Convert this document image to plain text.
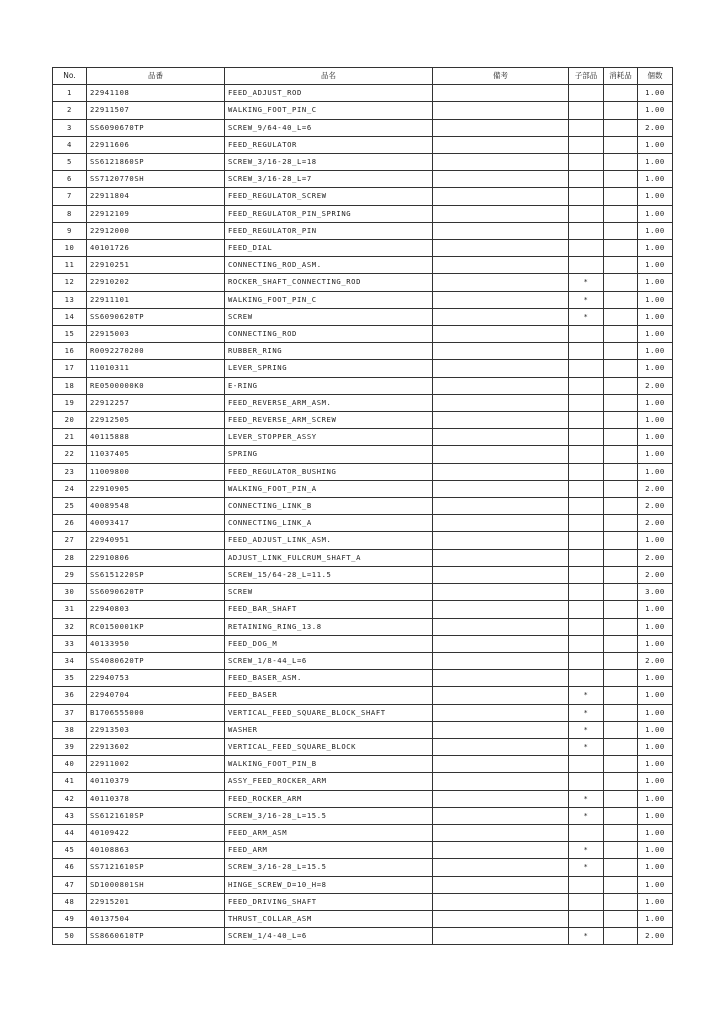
No.	品番	品名	備考	子部品	消耗品	個数
1	22941108	FEED_ADJUST_ROD				1.00
2	22911507	WALKING_FOOT_PIN_C				1.00
3	SS6090670TP	SCREW_9/64-40_L=6				2.00
4	22911606	FEED_REGULATOR				1.00
5	SS6121860SP	SCREW_3/16-28_L=18				1.00
6	SS7120770SH	SCREW_3/16-28_L=7				1.00
7	22911804	FEED_REGULATOR_SCREW				1.00
8	22912109	FEED_REGULATOR_PIN_SPRING				1.00
9	22912000	FEED_REGULATOR_PIN				1.00
10	40101726	FEED_DIAL				1.00
11	22910251	CONNECTING_ROD_ASM.				1.00
12	22910202	ROCKER_SHAFT_CONNECTING_ROD		*		1.00
13	22911101	WALKING_FOOT_PIN_C		*		1.00
14	SS6090620TP	SCREW		*		1.00
15	22915003	CONNECTING_ROD				1.00
16	R0092270200	RUBBER_RING				1.00
17	11010311	LEVER_SPRING				1.00
18	RE0500000K0	E-RING				2.00
19	22912257	FEED_REVERSE_ARM_ASM.				1.00
20	22912505	FEED_REVERSE_ARM_SCREW				1.00
21	40115888	LEVER_STOPPER_ASSY				1.00
22	11037405	SPRING				1.00
23	11009800	FEED_REGULATOR_BUSHING				1.00
24	22910905	WALKING_FOOT_PIN_A				2.00
25	40089548	CONNECTING_LINK_B				2.00
26	40093417	CONNECTING_LINK_A				2.00
27	22940951	FEED_ADJUST_LINK_ASM.				1.00
28	22910806	ADJUST_LINK_FULCRUM_SHAFT_A				2.00
29	SS6151220SP	SCREW_15/64-28_L=11.5				2.00
30	SS6090620TP	SCREW				3.00
31	22940803	FEED_BAR_SHAFT				1.00
32	RC0150001KP	RETAINING_RING_13.8				1.00
33	40133950	FEED_DOG_M				1.00
34	SS4080620TP	SCREW_1/8-44_L=6				2.00
35	22940753	FEED_BASER_ASM.				1.00
36	22940704	FEED_BASER		*		1.00
37	B1706555000	VERTICAL_FEED_SQUARE_BLOCK_SHAFT		*		1.00
38	22913503	WASHER		*		1.00
39	22913602	VERTICAL_FEED_SQUARE_BLOCK		*		1.00
40	22911002	WALKING_FOOT_PIN_B				1.00
41	40110379	ASSY_FEED_ROCKER_ARM				1.00
42	40110378	FEED_ROCKER_ARM		*		1.00
43	SS6121610SP	SCREW_3/16-28_L=15.5		*		1.00
44	40109422	FEED_ARM_ASM				1.00
45	40108863	FEED_ARM		*		1.00
46	SS7121610SP	SCREW_3/16-28_L=15.5		*		1.00
47	SD1000801SH	HINGE_SCREW_D=10_H=8				1.00
48	22915201	FEED_DRIVING_SHAFT				1.00
49	40137504	THRUST_COLLAR_ASM				1.00
50	SS8660610TP	SCREW_1/4-40_L=6		*		2.00
